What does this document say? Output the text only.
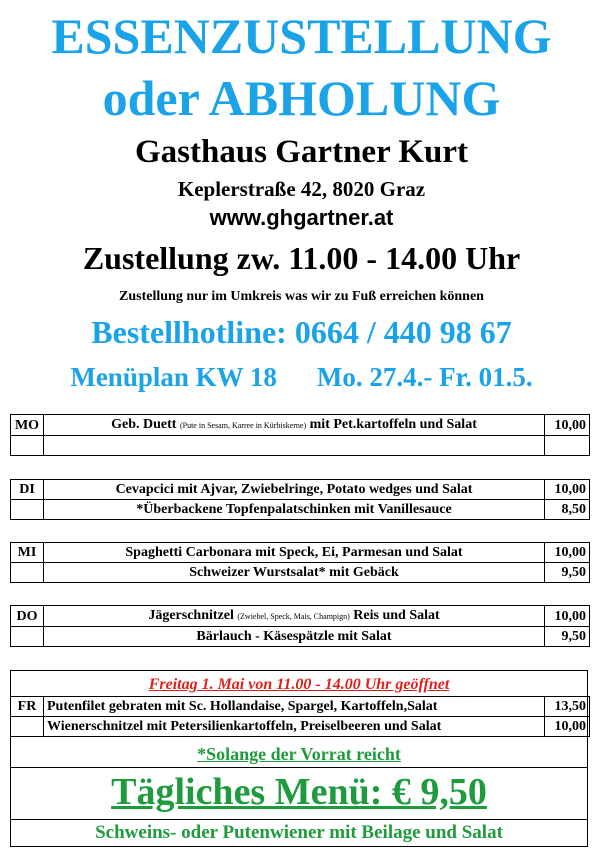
ESSENZUSTELLUNG
oder ABHOLUNG
Gasthaus Gartner Kurt
Keplerstraße 42, 8020 Graz
www.ghgartner.at
Zustellung zw. 11.00 - 14.00 Uhr
Zustellung nur im Umkreis was wir zu Fuß erreichen können
Bestellhotline: 0664 / 440 98 67
Menüplan KW 18 Mo. 27.4.- Fr. 01.5.
MO	Geb. Duett (Pute in Sesam, Karree in Kürbiskerne) mit Pet.kartoffeln und Salat	10,00

DI	Cevapcici mit Ajvar, Zwiebelringe, Potato wedges und Salat	10,00
	*Überbackene Topfenpalatschinken mit Vanillesauce	8,50
MI	Spaghetti Carbonara mit Speck, Ei, Parmesan und Salat	10,00
	Schweizer Wurstsalat* mit Gebäck	9,50
DO	Jägerschnitzel (Zwiebel, Speck, Mais, Champign) Reis und Salat	10,00
	Bärlauch - Käsespätzle mit Salat	9,50

Freitag 1. Mai von 11.00 - 14.00 Uhr geöffnet

FR	Putenfilet gebraten mit Sc. Hollandaise, Spargel, Kartoffeln,Salat	13,50
	Wienerschnitzel mit Petersilienkartoffeln, Preiselbeeren und Salat	10,00

*Solange der Vorrat reicht

Tägliches Menü: € 9,50

Schweins- oder Putenwiener mit Beilage und Salat
